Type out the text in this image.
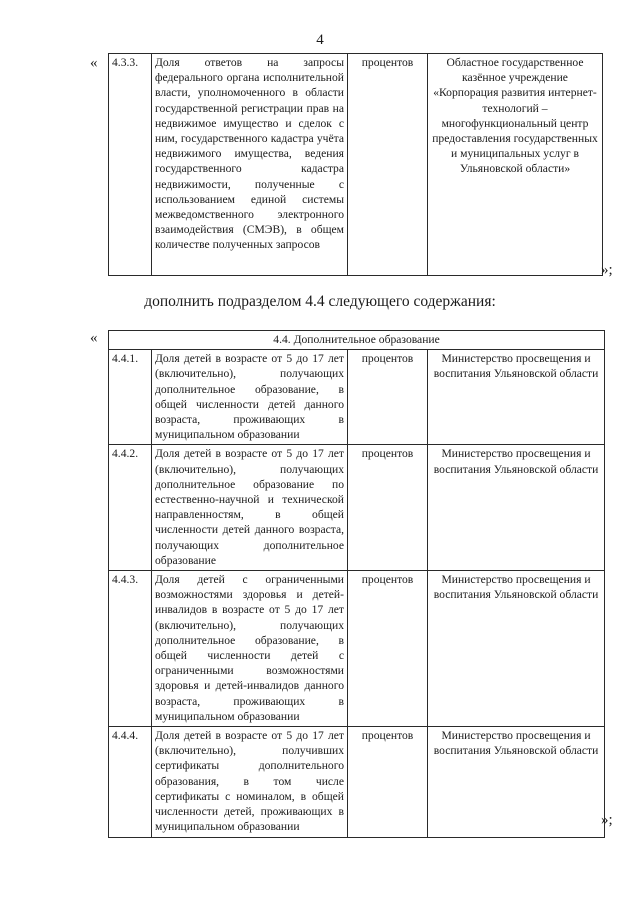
4
« 4.3.3.	Доля ответов на запросы федерального органа исполнительной власти, уполномоченного в области государственной регистрации прав на недвижимое имущество и сделок с ним, государственного кадастра учёта недвижимого имущества, ведения государственного кадастра недвижимости, полученные с использованием единой системы межведомственного электронного взаимодействия (СМЭВ), в общем количестве полученных запросов	процентов	Областное государственное казённое учреждение «Корпорация развития интернет-технологий – многофункциональный центр предоставления государственных и муниципальных услуг в Ульяновской области»
»;
дополнить подразделом 4.4 следующего содержания:
«	4.4. Дополнительное образование			
4.4.1.	Доля детей в возрасте от 5 до 17 лет (включительно), получающих дополнительное образование, в общей численности детей данного возраста, проживающих в муниципальном образовании	процентов	Министерство просвещения и воспитания Ульяновской области
4.4.2.	Доля детей в возрасте от 5 до 17 лет (включительно), получающих дополнительное образование по естественно-научной и технической направленностям, в общей численности детей данного возраста, получающих дополнительное образование	процентов	Министерство просвещения и воспитания Ульяновской области
4.4.3.	Доля детей с ограниченными возможностями здоровья и детей-инвалидов в возрасте от 5 до 17 лет (включительно), получающих дополнительное образование, в общей численности детей с ограниченными возможностями здоровья и детей-инвалидов данного возраста, проживающих в муниципальном образовании	процентов	Министерство просвещения и воспитания Ульяновской области
4.4.4.	Доля детей в возрасте от 5 до 17 лет (включительно), получивших сертификаты дополнительного образования, в том числе сертификаты с номиналом, в общей численности детей, проживающих в муниципальном образовании	процентов	Министерство просвещения и воспитания Ульяновской области
»;
